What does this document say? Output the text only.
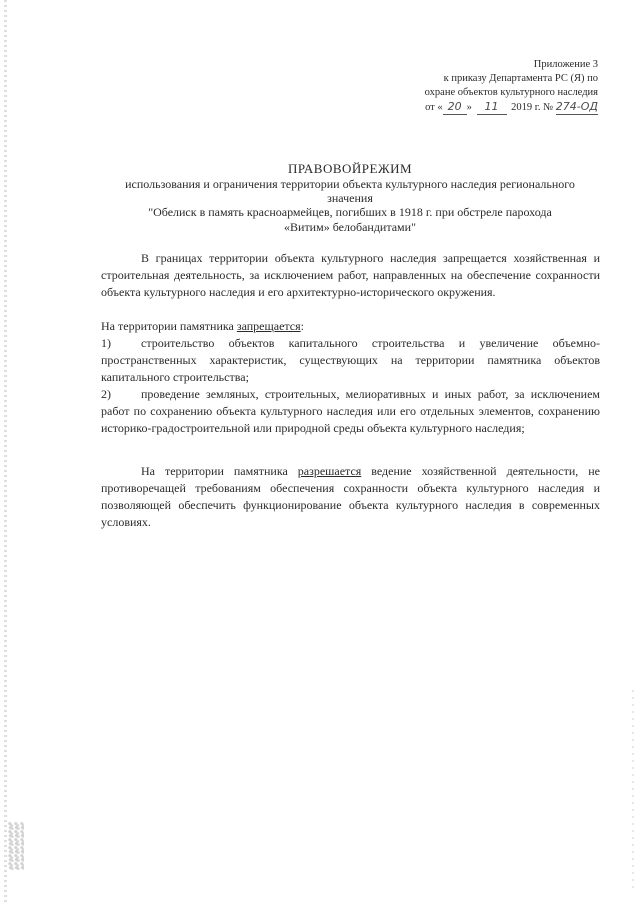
Приложение 3
к приказу Департамента РС (Я) по
охране объектов культурного наследия
от « 20 » 11 2019 г. № 274-ОД
ПРАВОВОЙРЕЖИМ
использования и ограничения территории объекта культурного наследия регионального
значения
"Обелиск в память красноармейцев, погибших в 1918 г. при обстреле парохода
«Витим» белобандитами"
В границах территории объекта культурного наследия запрещается хозяйственная и строительная деятельность, за исключением работ, направленных на обеспечение сохранности объекта культурного наследия и его архитектурно-исторического окружения.
На территории памятника запрещается:
1)	строительство объектов капитального строительства и увеличение объемно-пространственных характеристик, существующих на территории памятника объектов капитального строительства;
2)	проведение земляных, строительных, мелиоративных и иных работ, за исключением работ по сохранению объекта культурного наследия или его отдельных элементов, сохранению историко-градостроительной или природной среды объекта культурного наследия;
На территории памятника разрешается ведение хозяйственной деятельности, не противоречащей требованиям обеспечения сохранности объекта культурного наследия и позволяющей обеспечить функционирование объекта культурного наследия в современных условиях.
